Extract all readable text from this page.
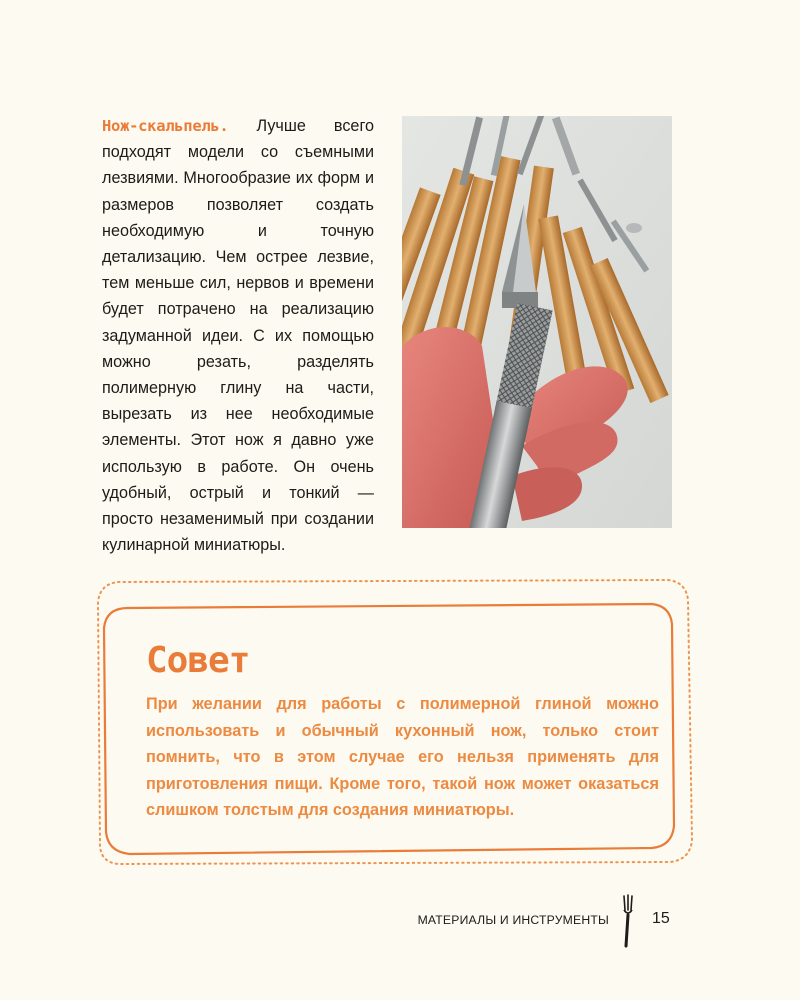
Нож-скальпель. Лучше всего подходят модели со съемными лезвиями. Многообразие их форм и размеров позволяет создать необходимую и точную детализацию. Чем острее лезвие, тем меньше сил, нервов и времени будет потрачено на реализацию задуманной идеи. С их помощью можно резать, разделять полимерную глину на части, вырезать из нее необходимые элементы. Этот нож я давно уже использую в работе. Он очень удобный, острый и тонкий — просто незаменимый при создании кулинарной миниатюры.

Совет

При желании для работы с полимерной глиной можно использовать и обычный кухонный нож, только стоит помнить, что в этом случае его нельзя применять для приготовления пищи. Кроме того, такой нож может оказаться слишком толстым для создания миниатюры.

МАТЕРИАЛЫ И ИНСТРУМЕНТЫ	15
